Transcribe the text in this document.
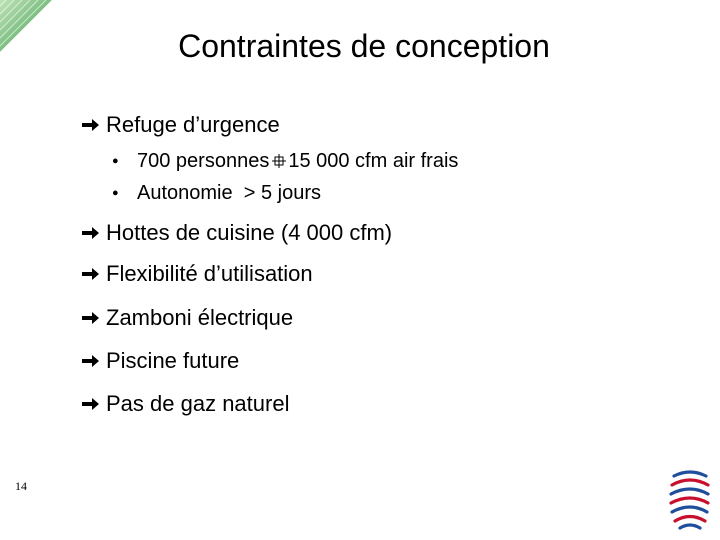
Contraintes de conception
Refuge d’urgence
● 700 personnes 15 000 cfm air frais
● Autonomie  > 5 jours
Hottes de cuisine (4 000 cfm)
Flexibilité d’utilisation
Zamboni électrique
Piscine future
Pas de gaz naturel
14
